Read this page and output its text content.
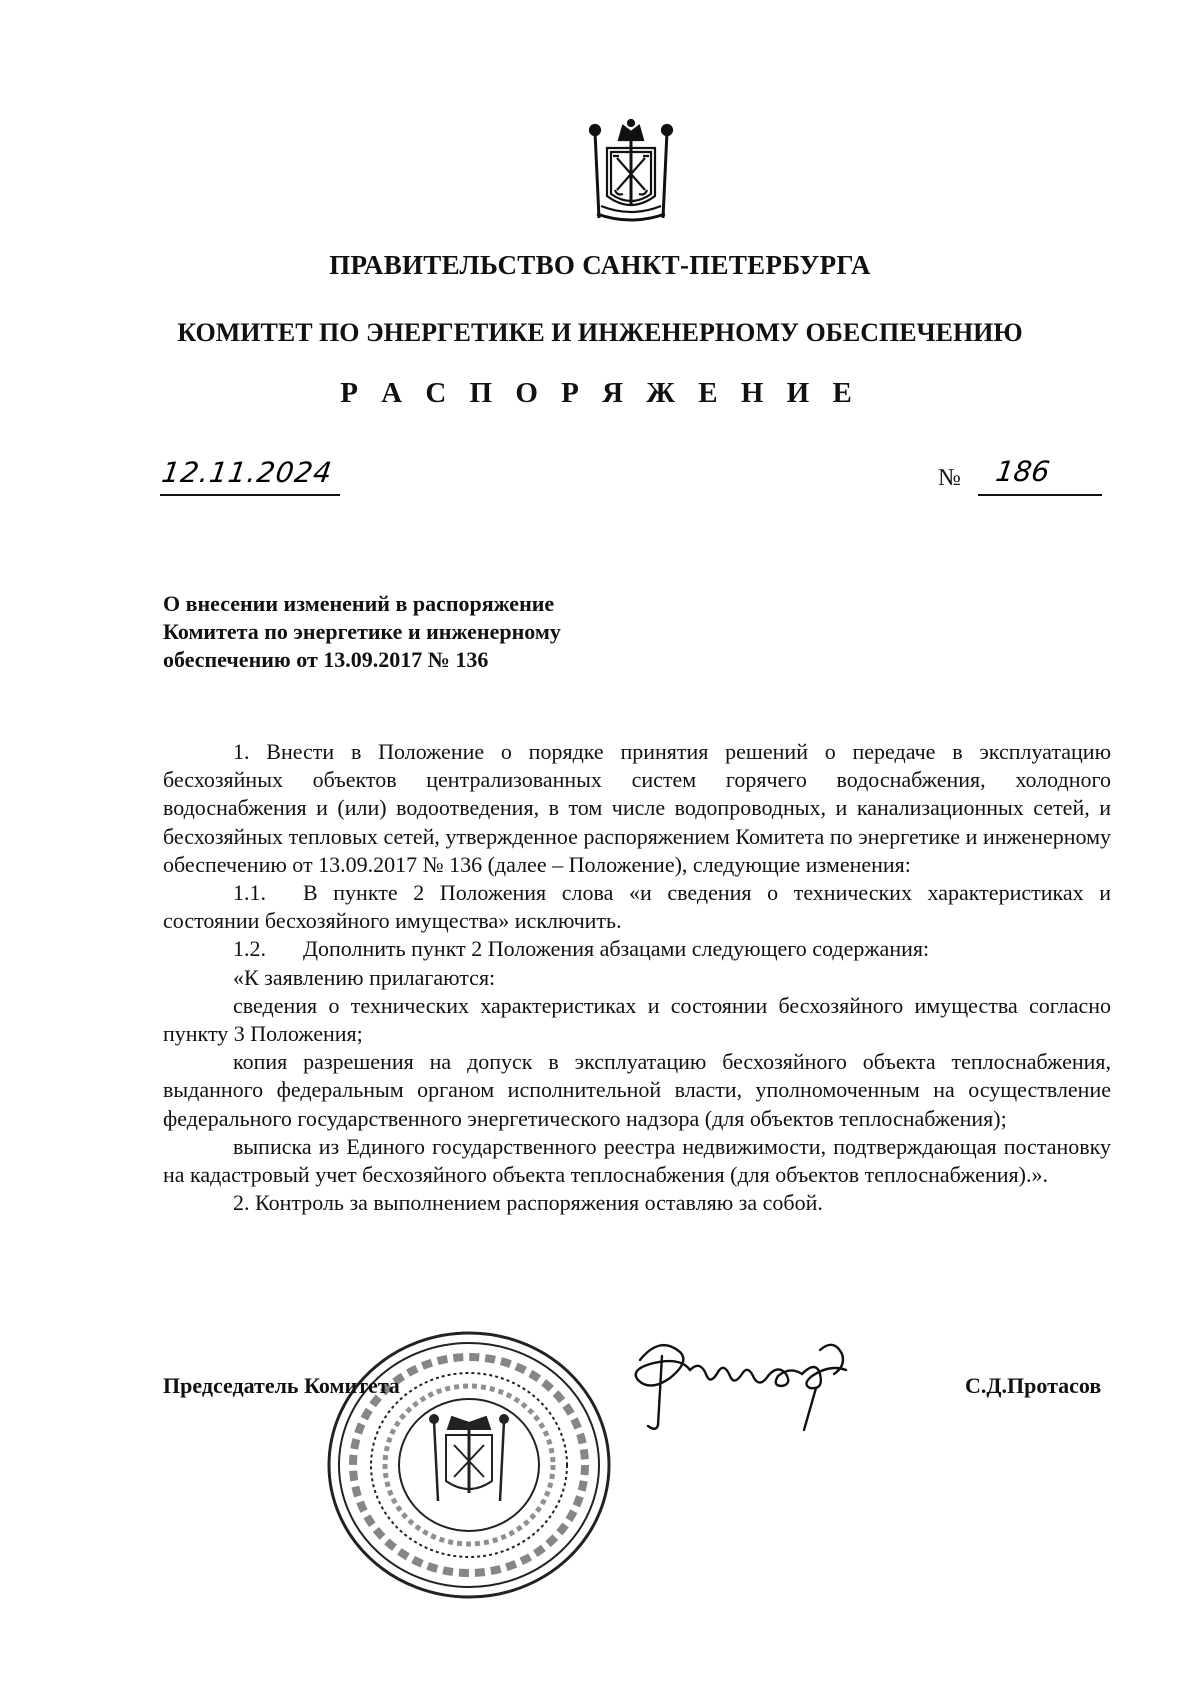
ПРАВИТЕЛЬСТВО САНКТ-ПЕТЕРБУРГА
КОМИТЕТ ПО ЭНЕРГЕТИКЕ И ИНЖЕНЕРНОМУ ОБЕСПЕЧЕНИЮ
Р А С П О Р Я Ж Е Н И Е
12.11.2024	№ 186
О внесении изменений в распоряжение
Комитета по энергетике и инженерному
обеспечению от 13.09.2017 № 136

1. Внести в Положение о порядке принятия решений о передаче в эксплуатацию бесхозяйных объектов централизованных систем горячего водоснабжения, холодного водоснабжения и (или) водоотведения, в том числе водопроводных, и канализационных сетей, и бесхозяйных тепловых сетей, утвержденное распоряжением Комитета по энергетике и инженерному обеспечению от 13.09.2017 № 136 (далее – Положение), следующие изменения:

1.1. В пункте 2 Положения слова «и сведения о технических характеристиках и состоянии бесхозяйного имущества» исключить.

1.2. Дополнить пункт 2 Положения абзацами следующего содержания:

«К заявлению прилагаются:

сведения о технических характеристиках и состоянии бесхозяйного имущества согласно пункту 3 Положения;

копия разрешения на допуск в эксплуатацию бесхозяйного объекта теплоснабжения, выданного федеральным органом исполнительной власти, уполномоченным на осуществление федерального государственного энергетического надзора (для объектов теплоснабжения);

выписка из Единого государственного реестра недвижимости, подтверждающая постановку на кадастровый учет бесхозяйного объекта теплоснабжения (для объектов теплоснабжения).».

2. Контроль за выполнением распоряжения оставляю за собой.

Председатель Комитета	С.Д.Протасов
